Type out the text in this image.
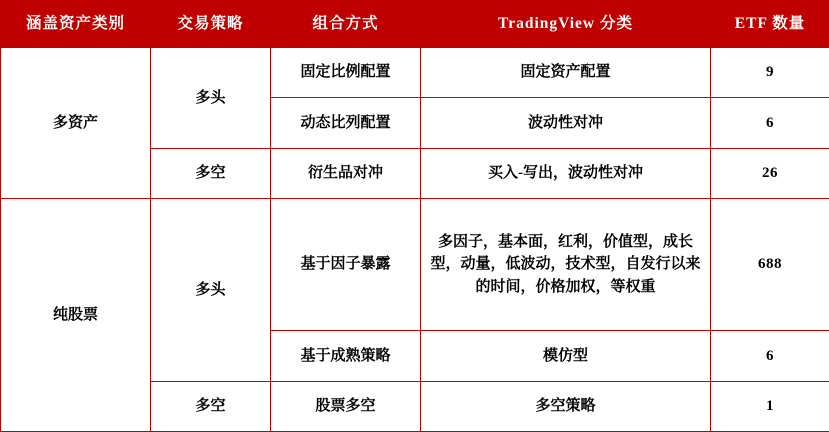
涵盖资产类别	交易策略	组合方式	TradingView 分类	ETF 数量
多资产	多头	固定比例配置	固定资产配置	9
		动态比列配置	波动性对冲	6
	多空	衍生品对冲	买入-写出，波动性对冲	26
纯股票	多头	基于因子暴露	多因子，基本面，红利，价值型，成长型，动量，低波动，技术型，自发行以来的时间，价格加权，等权重	688
		基于成熟策略	模仿型	6
	多空	股票多空	多空策略	1
